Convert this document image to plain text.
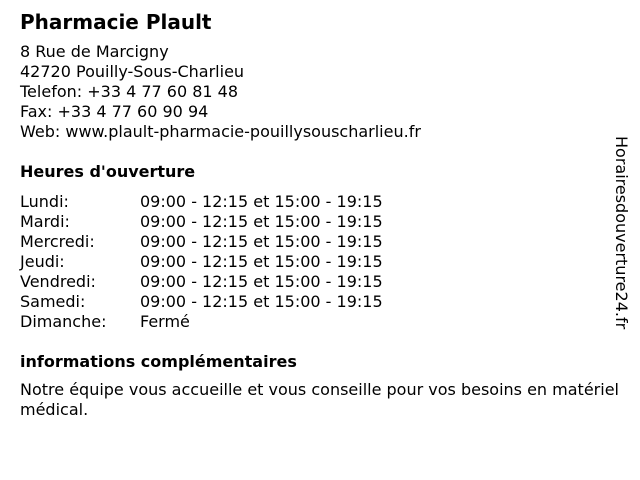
Pharmacie Plault
8 Rue de Marcigny
42720 Pouilly-Sous-Charlieu
Telefon: +33 4 77 60 81 48
Fax: +33 4 77 60 90 94
Web: www.plault-pharmacie-pouillysouscharlieu.fr
Heures d'ouverture
Lundi:	09:00 - 12:15 et 15:00 - 19:15
Mardi:	09:00 - 12:15 et 15:00 - 19:15
Mercredi:	09:00 - 12:15 et 15:00 - 19:15
Jeudi:	09:00 - 12:15 et 15:00 - 19:15
Vendredi:	09:00 - 12:15 et 15:00 - 19:15
Samedi:	09:00 - 12:15 et 15:00 - 19:15
Dimanche:	Fermé
informations complémentaires
Notre équipe vous accueille et vous conseille pour vos besoins en matériel médical.
Horairesdouverture24.fr
